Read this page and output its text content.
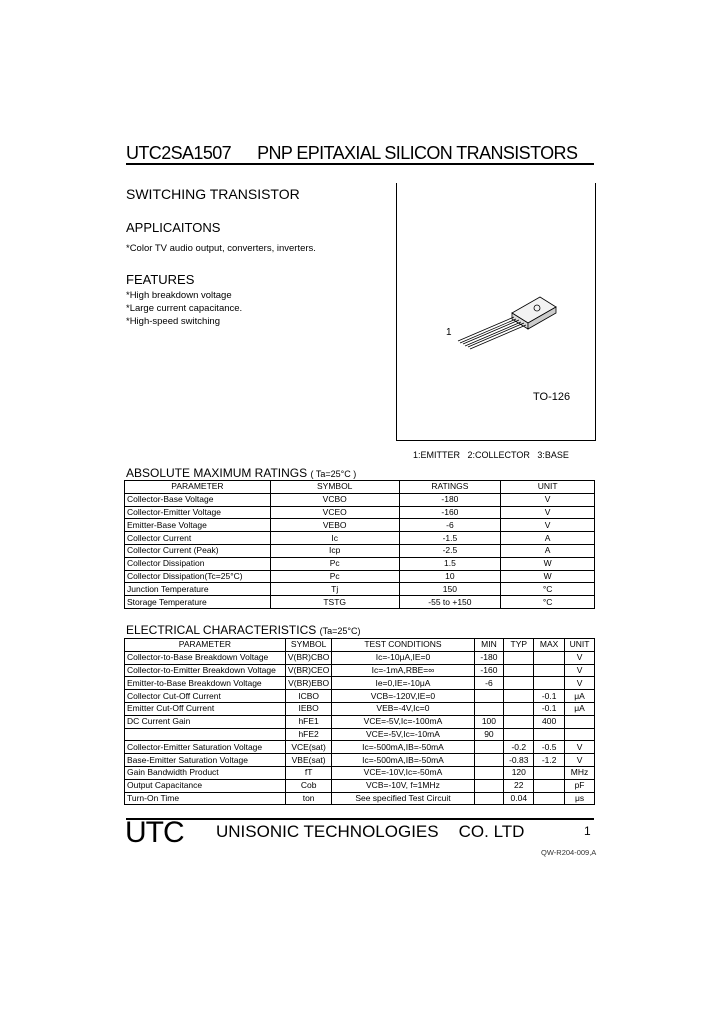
UTC2SA1507 PNP EPITAXIAL SILICON TRANSISTORS
SWITCHING TRANSISTOR
APPLICAITONS
*Color TV audio output, converters, inverters.
FEATURES
*High breakdown voltage
*Large current capacitance.
*High-speed switching
1
TO-126
1:EMITTER   2:COLLECTOR   3:BASE
ABSOLUTE MAXIMUM RATINGS ( Ta=25°C )
PARAMETER	SYMBOL	RATINGS	UNIT
Collector-Base Voltage	VCBO	-180	V
Collector-Emitter Voltage	VCEO	-160	V
Emitter-Base Voltage	VEBO	-6	V
Collector Current	Ic	-1.5	A
Collector Current (Peak)	Icp	-2.5	A
Collector Dissipation	Pc	1.5	W
Collector Dissipation(Tc=25°C)	Pc	10	W
Junction Temperature	Tj	150	°C
Storage Temperature	TSTG	-55 to +150	°C
ELECTRICAL CHARACTERISTICS (Ta=25°C)
PARAMETER	SYMBOL	TEST CONDITIONS	MIN	TYP	MAX	UNIT
Collector-to-Base Breakdown Voltage	V(BR)CBO	Ic=-10μA,IE=0	-180			V
Collector-to-Emitter Breakdown Voltage	V(BR)CEO	Ic=-1mA,RBE=∞	-160			V
Emitter-to-Base Breakdown Voltage	V(BR)EBO	Ie=0,IE=-10μA	-6			V
Collector Cut-Off Current	ICBO	VCB=-120V,IE=0			-0.1	μA
Emitter Cut-Off Current	IEBO	VEB=-4V,Ic=0			-0.1	μA
DC Current Gain	hFE1	VCE=-5V,Ic=-100mA	100		400	
	hFE2	VCE=-5V,Ic=-10mA	90			
Collector-Emitter Saturation Voltage	VCE(sat)	Ic=-500mA,IB=-50mA		-0.2	-0.5	V
Base-Emitter Saturation Voltage	VBE(sat)	Ic=-500mA,IB=-50mA		-0.83	-1.2	V
Gain Bandwidth Product	fT	VCE=-10V,Ic=-50mA		120		MHz
Output Capacitance	Cob	VCB=-10V, f=1MHz		22		pF
Turn-On Time	ton	See specified Test Circuit		0.04		μs
UTC UNISONIC TECHNOLOGIES CO. LTD	1
QW-R204-009,A
